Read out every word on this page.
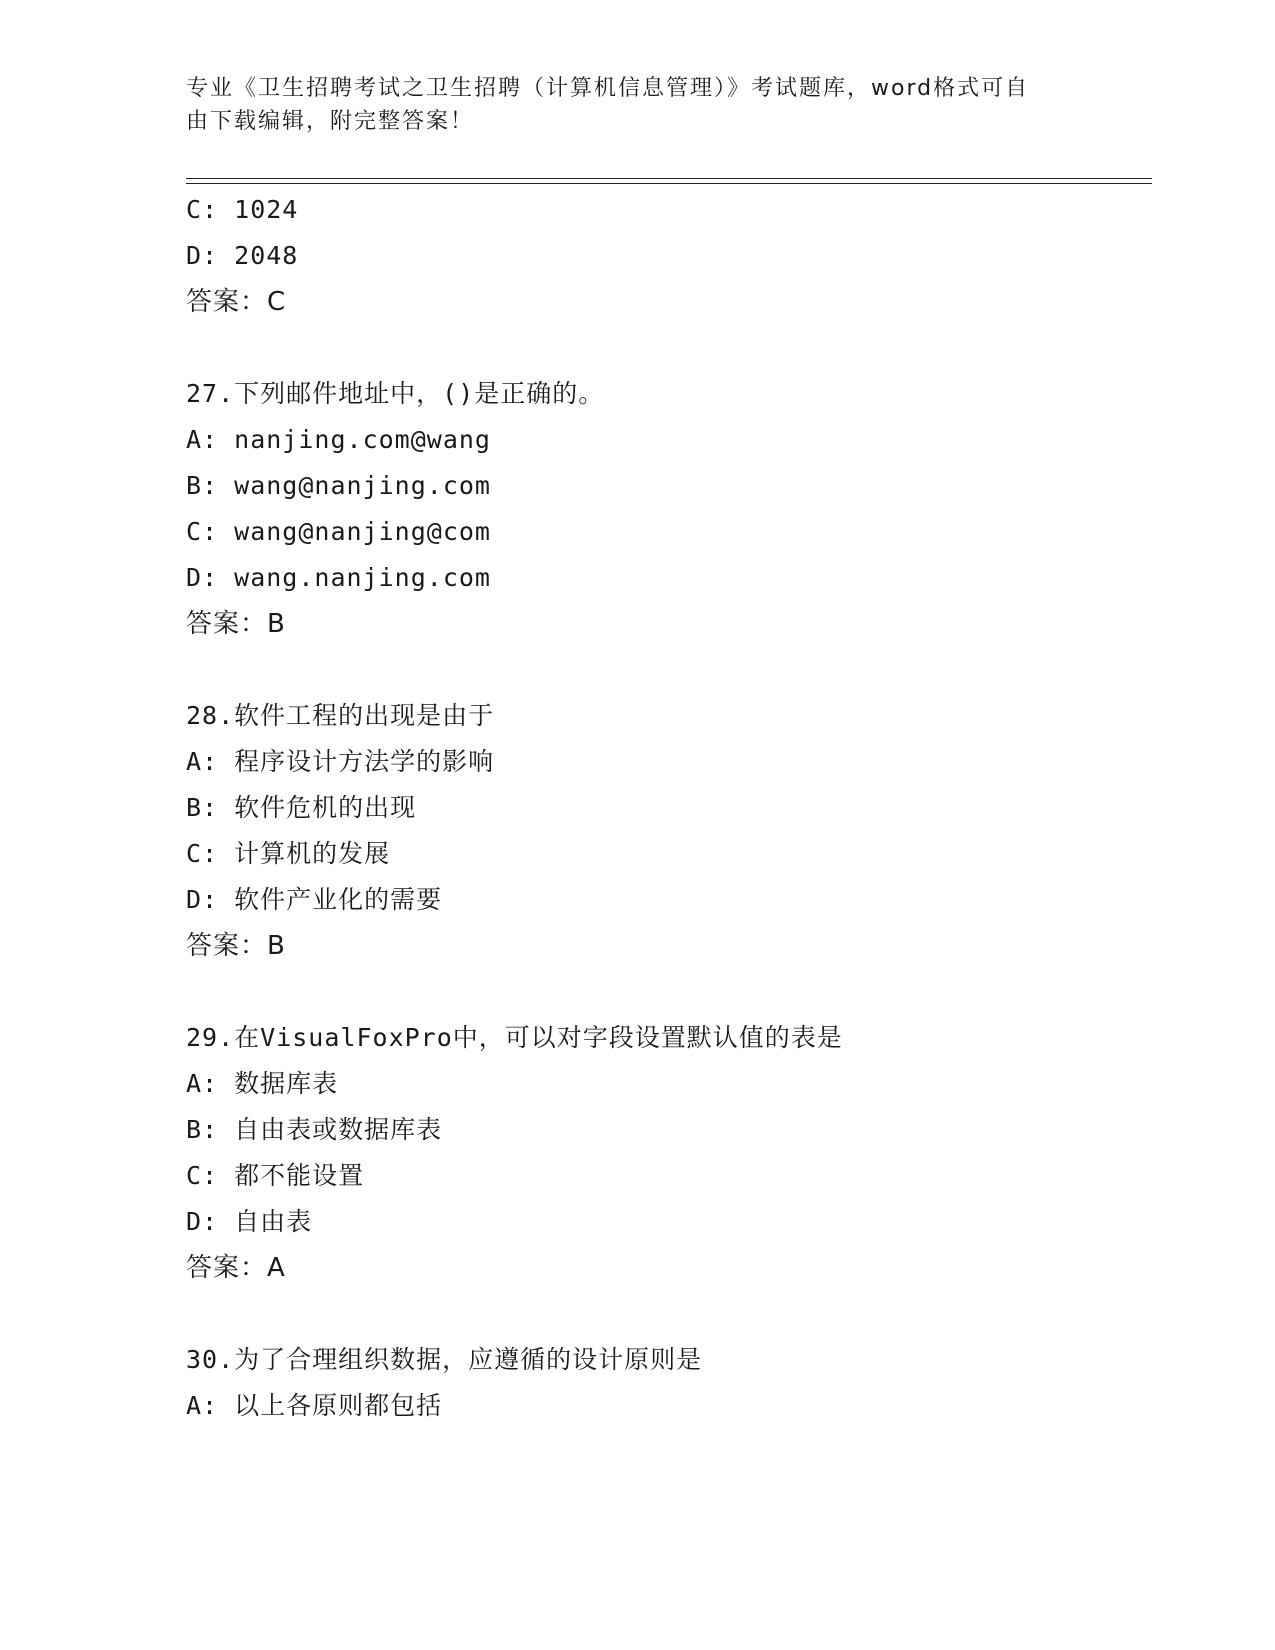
专业《卫生招聘考试之卫生招聘（计算机信息管理）》考试题库，word格式可自
由下载编辑，附完整答案！
C: 1024
D: 2048
答案：C
27.下列邮件地址中，()是正确的。
A: nanjing.com@wang
B: wang@nanjing.com
C: wang@nanjing@com
D: wang.nanjing.com
答案：B
28.软件工程的出现是由于
A: 程序设计方法学的影响
B: 软件危机的出现
C: 计算机的发展
D: 软件产业化的需要
答案：B
29.在VisualFoxPro中，可以对字段设置默认值的表是
A: 数据库表
B: 自由表或数据库表
C: 都不能设置
D: 自由表
答案：A
30.为了合理组织数据，应遵循的设计原则是
A: 以上各原则都包括
